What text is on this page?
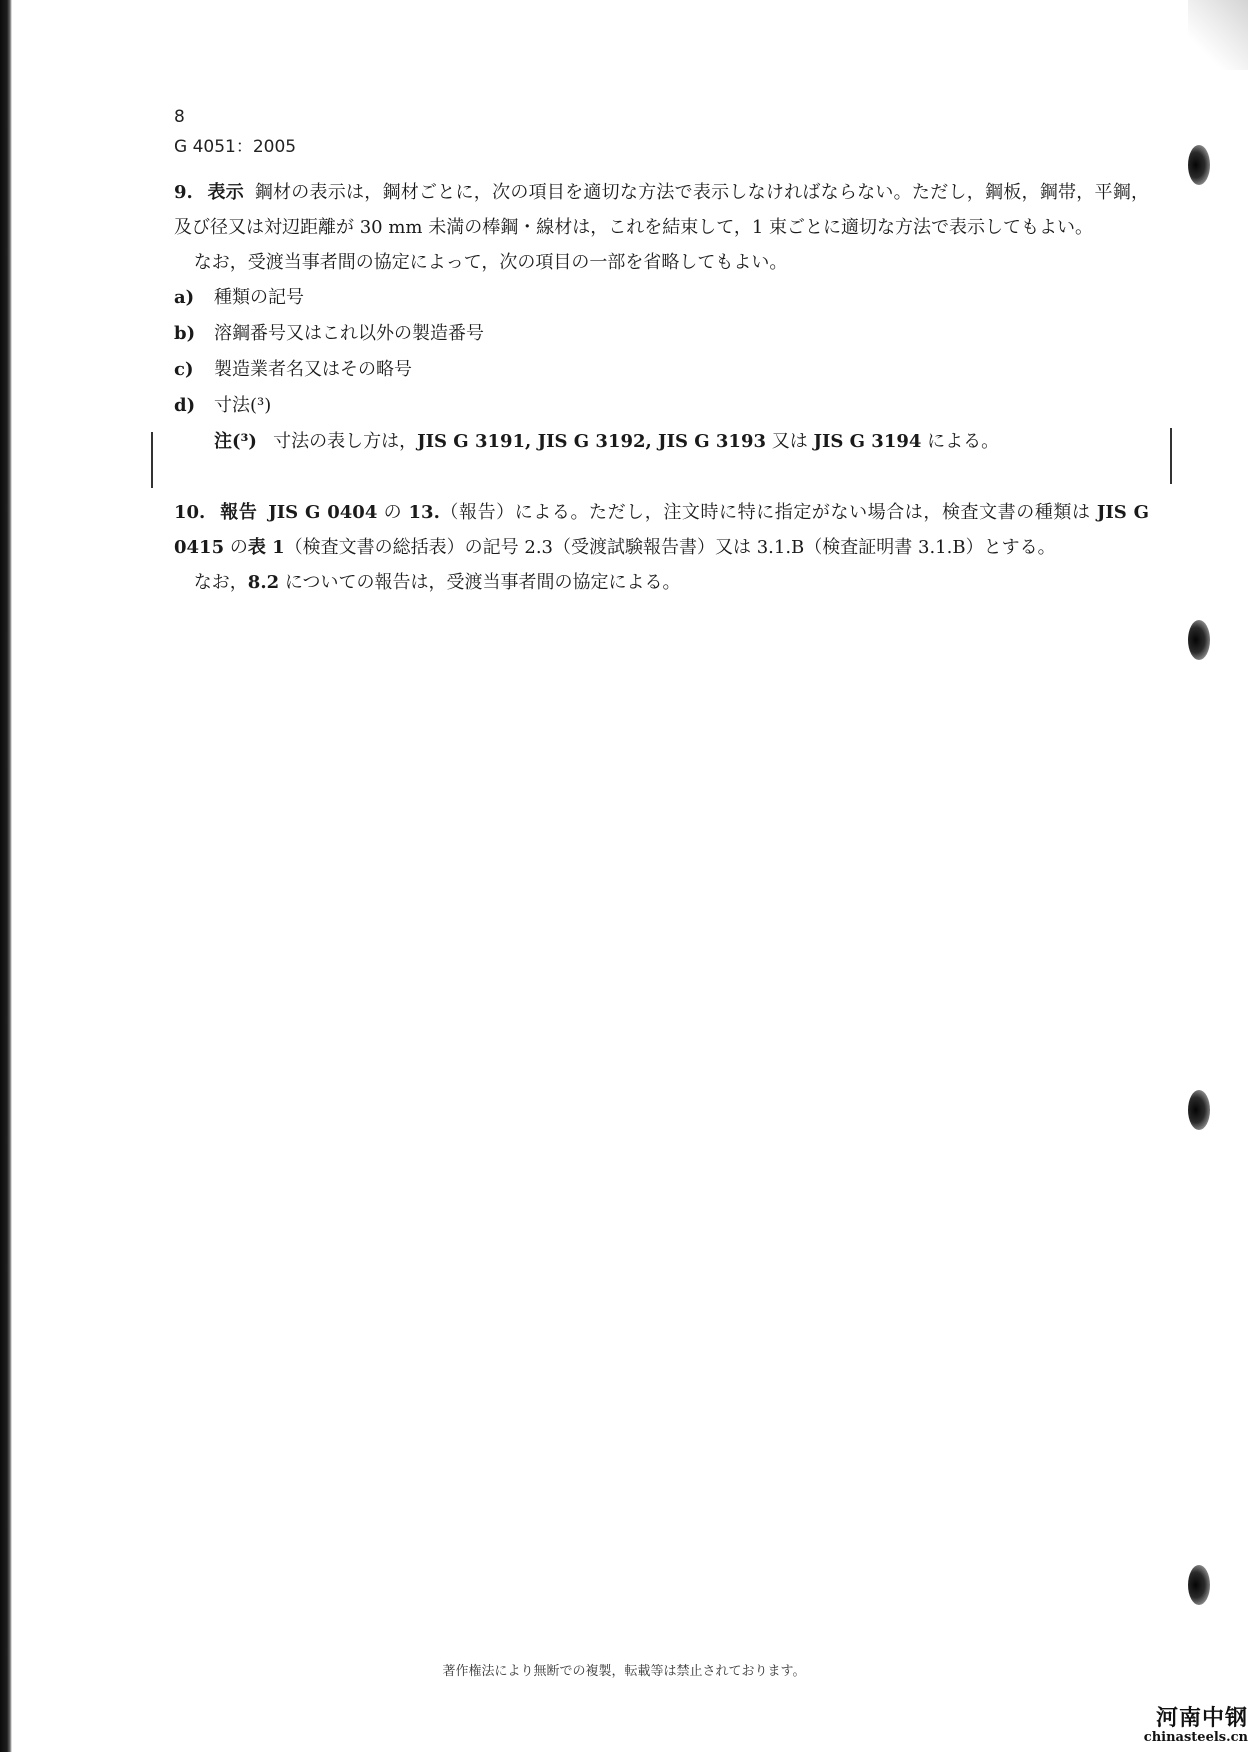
8
G 4051：2005

9. 表示 鋼材の表示は，鋼材ごとに，次の項目を適切な方法で表示しなければならない。ただし，鋼板，鋼帯，平鋼，及び径又は対辺距離が 30 mm 未満の棒鋼・線材は，これを結束して，1 束ごとに適切な方法で表示してもよい。

なお，受渡当事者間の協定によって，次の項目の一部を省略してもよい。

a)	種類の記号
b)	溶鋼番号又はこれ以外の製造番号
c)	製造業者名又はその略号
d)	寸法(³)
注(³) 寸法の表し方は，JIS G 3191, JIS G 3192, JIS G 3193 又は JIS G 3194 による。

10. 報告 JIS G 0404 の 13.（報告）による。ただし，注文時に特に指定がない場合は，検査文書の種類は JIS G 0415 の表 1（検査文書の総括表）の記号 2.3（受渡試験報告書）又は 3.1.B（検査証明書 3.1.B）とする。

なお，8.2 についての報告は，受渡当事者間の協定による。

著作権法により無断での複製，転載等は禁止されております。
河南中钢
chinasteels.cn
